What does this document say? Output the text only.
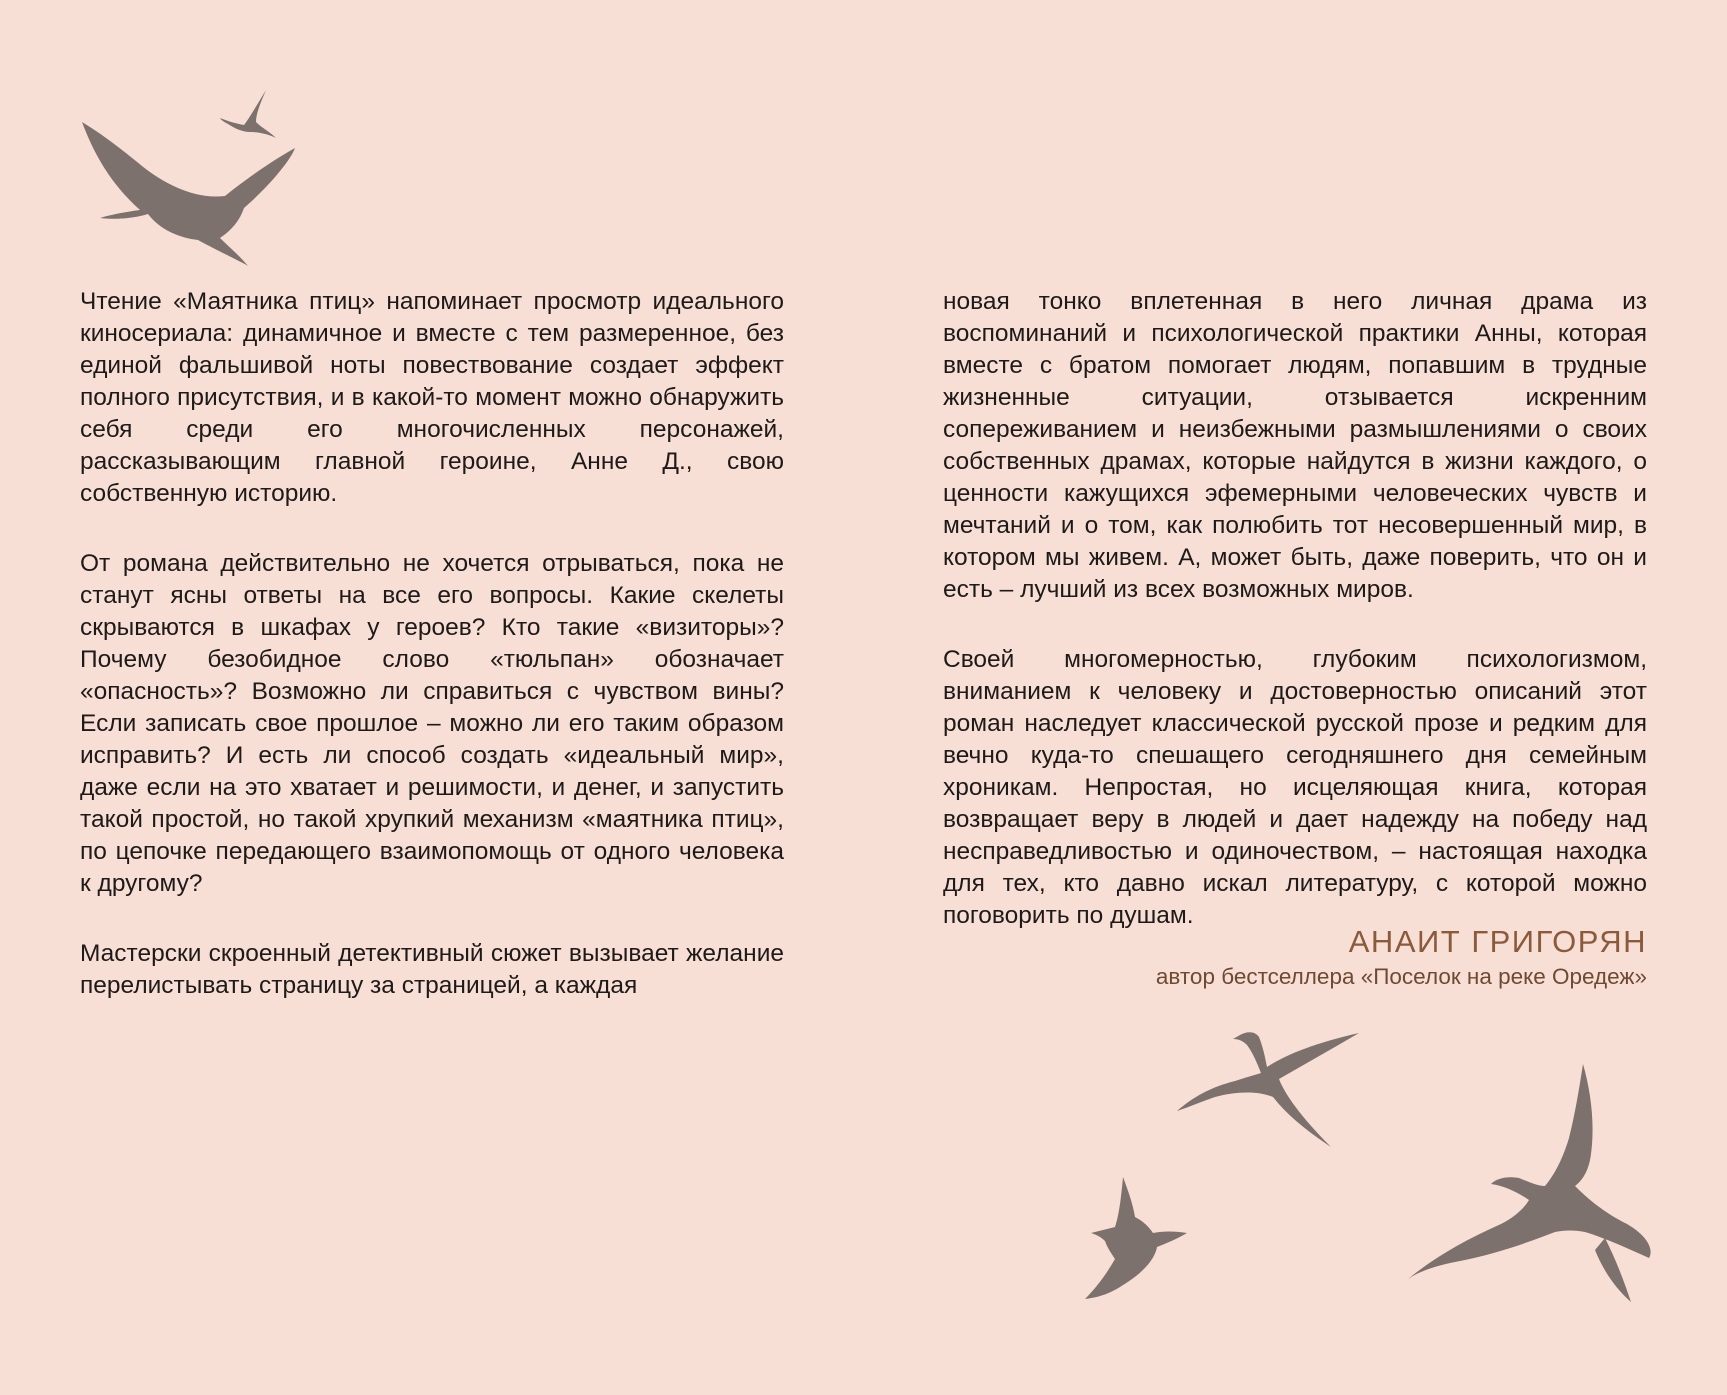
Чтение «Маятника птиц» напоминает просмотр идеального киносериала: динамичное и вместе с тем размеренное, без единой фальшивой ноты повествование создает эффект полного присутствия, и в какой-то момент можно обнаружить себя среди его многочисленных персонажей, рассказывающим главной героине, Анне Д., свою собственную историю.

От романа действительно не хочется отрываться, пока не станут ясны ответы на все его вопросы. Какие скелеты скрываются в шкафах у героев? Кто такие «визиторы»? Почему безобидное слово «тюльпан» обозначает «опасность»? Возможно ли справиться с чувством вины? Если записать свое прошлое – можно ли его таким образом исправить? И есть ли способ создать «идеальный мир», даже если на это хватает и решимости, и денег, и запустить такой простой, но такой хрупкий механизм «маятника птиц», по цепочке передающего взаимопомощь от одного человека к другому?

Мастерски скроенный детективный сюжет вызывает желание перелистывать страницу за страницей, а каждая

новая тонко вплетенная в него личная драма из воспоминаний и психологической практики Анны, которая вместе с братом помогает людям, попавшим в трудные жизненные ситуации, отзывается искренним сопереживанием и неизбежными размышлениями о своих собственных драмах, которые найдутся в жизни каждого, о ценности кажущихся эфемерными человеческих чувств и мечтаний и о том, как полюбить тот несовершенный мир, в котором мы живем. А, может быть, даже поверить, что он и есть – лучший из всех возможных миров.

Своей многомерностью, глубоким психологизмом, вниманием к человеку и достоверностью описаний этот роман наследует классической русской прозе и редким для вечно куда-то спешащего сегодняшнего дня семейным хроникам. Непростая, но исцеляющая книга, которая возвращает веру в людей и дает надежду на победу над несправедливостью и одиночеством, – настоящая находка для тех, кто давно искал литературу, с которой можно поговорить по душам.

АНАИТ ГРИГОРЯН
автор бестселлера «Поселок на реке Оредеж»
